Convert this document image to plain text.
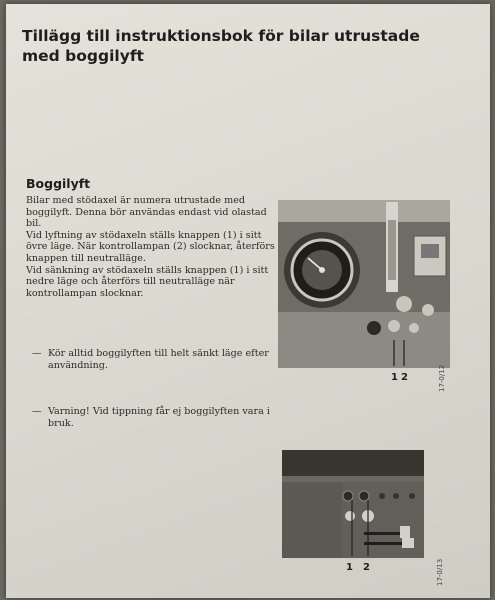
Tillägg till instruktionsbok för bilar utrustade med boggilyft
Boggilyft

Bilar med stödaxel är numera utrustade med boggilyft. Denna bör användas endast vid olastad bil.

Vid lyftning av stödaxeln ställs knappen (1) i sitt övre läge. När kontrollampan (2) slocknar, återförs knappen till neutralläge.

Vid sänkning av stödaxeln ställs knappen (1) i sitt nedre läge och återförs till neutralläge när kontrollampan slocknar.

— Kör alltid boggilyften till helt sänkt läge efter användning.
— Varning! Vid tippning får ej boggilyften vara i bruk.
1 2	17-0/12
1 2	17-0/13
